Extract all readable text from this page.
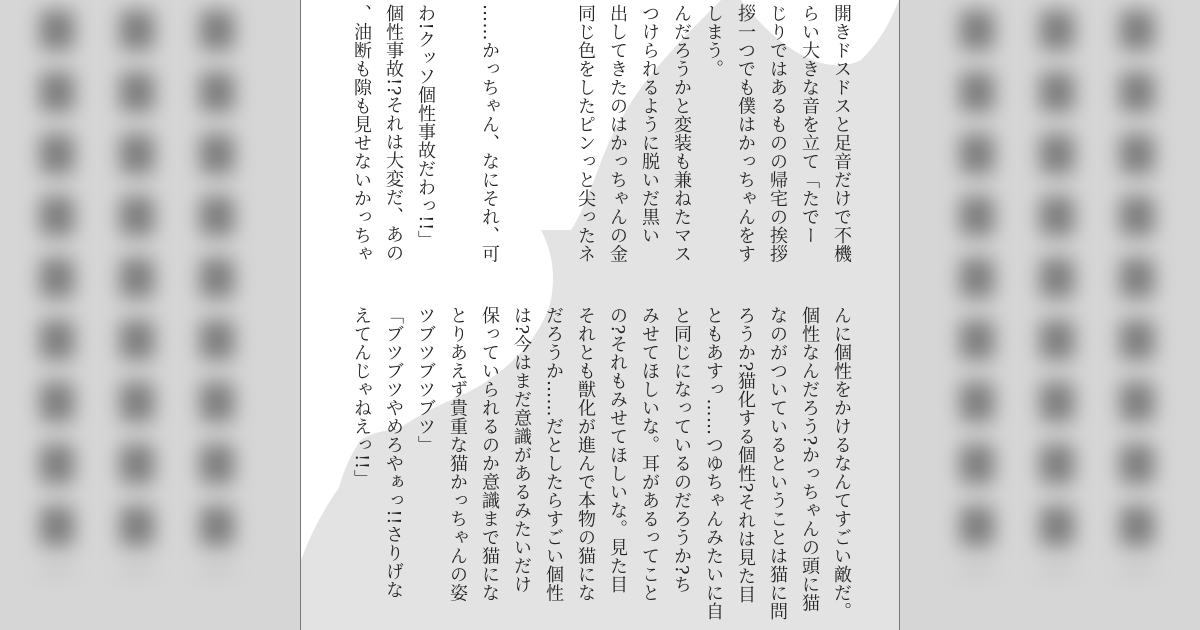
開きドスドスと足音だけで不機
らい大きな音を立て「たでー
じりではあるものの帰宅の挨拶
拶一つでも僕はかっちゃんをす
しまう。
んだろうかと変装も兼ねたマス
つけられるように脱いだ黒い
出してきたのはかっちゃんの金
同じ色をしたピンっと尖ったネ

……かっちゃん、なにそれ、可

わ!クッソ個性事故だわっ!!」
個性事故!?それは大変だ、あの
、油断も隙も見せないかっちゃ
んに個性をかけるなんてすごい敵だ。
個性なんだろう?かっちゃんの頭に猫
なのがついているということは猫に問
ろうか?猫化する個性?それは見た目
ともあすっ……つゆちゃんみたいに自
と同じになっているのだろうか?ち
みせてほしいな。耳があるってこと
の?それもみせてほしいな。見た目
それとも獣化が進んで本物の猫にな
だろうか……だとしたらすごい個性
は?今はまだ意識があるみたいだけ
保っていられるのか意識まで猫にな
とりあえず貴重な猫かっちゃんの姿
ツブツブツブツ」
「ブツブツやめろやぁっ!!さりげな
えてんじゃねえっ!!」
